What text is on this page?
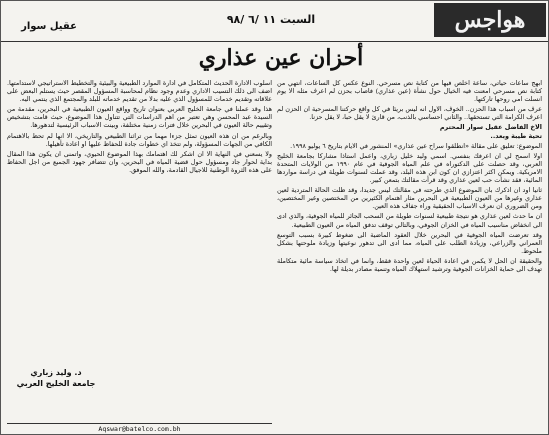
هواجس
السبت ١١ /٦ /٩٨
عقيل سوار
أحزان عين عذاري

ابهج ساعات حياتي، ساعة اخلص فيها من كتابة نص مسرحي. النوع عكس كل الساعات، انتهي من كتابة نص مسرحي امعنت فيه الخيال حول نشأة (عين عذاري) فاصاب بحزن لم اعرف مثله الا يوم انسلت امي روحها تاركتها.

عرف من اسباب هذا الحزن.. الخوف، الاول انه ليس بريئا في كل واقع حركتنا المسرحية ان الحزن لم اعرف الكرامة التي تستحقها.. والثاني احساسي بالذنب، من قارئ لا يقل حبا، لا يقل حزنا.

الاخ الفاضل عقيل سوار المحترم
تحية طيبة وبعد..

الموضوع: تعليق على مقالة «انطلقوا سراح عين عذاري» المنشور في الايام بتاريخ ٦ يوليو ١٩٩٨.

اولا اسمح لي ان اعرفك بنفسي. اسمي وليد خليل زباري، واعمل استاذا مشاركا بجامعة الخليج العربي، وقد حصلت على الدكتوراه في علم المياه الجوفية في عام ١٩٩٠ من الولايات المتحدة الامريكية. ويمكن اكثر اعتزازي ان كون ابن هذه البلد، وقد عملت لسنوات طويلة في دراسة مواردها المائية، فقد نشأت حب لعين عذاري وقد قرأت مقالتك بتمعن كبير.

ثانيا اود ان اذكرك بان الموضوع الذي طرحته في مقالتك ليس جديدا، وقد ظلت الحالة المتردية لعين عذاري وغيرها من العيون الطبيعية في البحرين مثار اهتمام الكثيرين من المختصين وغير المختصين، ومن الضروري ان نعرف الاسباب الحقيقية وراء جفاف هذه العين.

ان ما حدث لعين عذاري هو نتيجة طبيعية لسنوات طويلة من السحب الجائر للمياه الجوفية، والذي ادى الى انخفاض مناسيب المياه في الخزان الجوفي، وبالتالي توقف تدفق المياه من العيون الطبيعية.

وقد تعرضت المياه الجوفية في البحرين خلال العقود الماضية الى ضغوط كبيرة بسبب التوسع العمراني والزراعي، وزيادة الطلب على المياه، مما ادى الى تدهور نوعيتها وزيادة ملوحتها بشكل ملحوظ.

والحقيقة ان الحل لا يكمن في اعادة الحياة لعين واحدة فقط، وانما في اتخاذ سياسة مائية متكاملة تهدف الى حماية الخزانات الجوفية وترشيد استهلاك المياه وتنمية مصادر بديلة لها.

اسلوب الادارة الحديث المتكامل في ادارة الموارد الطبيعية والبيئية والتخطيط الاستراتيجي لاستدامتها. اضف الى ذلك التسيب الاداري وعدم وجود نظام لمحاسبة المسؤول المقصر حيث يستلم البعض على علاقاته وتقديم خدمات للمسؤول الذي عليه بدلا من تقديم خدماته للبلد والمجتمع الذي ينتمي اليه.

هذا وقد عملنا في جامعة الخليج العربي بعنوان تاريخ وواقع العيون الطبيعية في البحرين، مقدمة من السيدة عبد المحسن وهي تعتبر من اهم الدراسات التي تتناول هذا الموضوع، حيث قامت بتشخيص وتقييم حالة العيون في البحرين خلال فترات زمنية مختلفة، وبينت الاسباب الرئيسية لتدهورها.

وبالرغم من ان هذه العيون تمثل جزءا مهما من تراثنا الطبيعي والتاريخي، الا انها لم تحظ بالاهتمام الكافي من الجهات المسؤولة، ولم تتخذ اي خطوات جادة للحفاظ عليها او اعادة تأهيلها.

ولا يسعني في النهاية الا ان اشكر لك اهتمامك بهذا الموضوع الحيوي، واتمنى ان يكون هذا المقال بداية لحوار جاد ومسؤول حول قضية المياه في البحرين، وان تتضافر جهود الجميع من اجل الحفاظ على هذه الثروة الوطنية للاجيال القادمة، والله الموفق.

د. وليد زباري
جامعة الخليج العربي
Aqswar@batelco.com.bh
